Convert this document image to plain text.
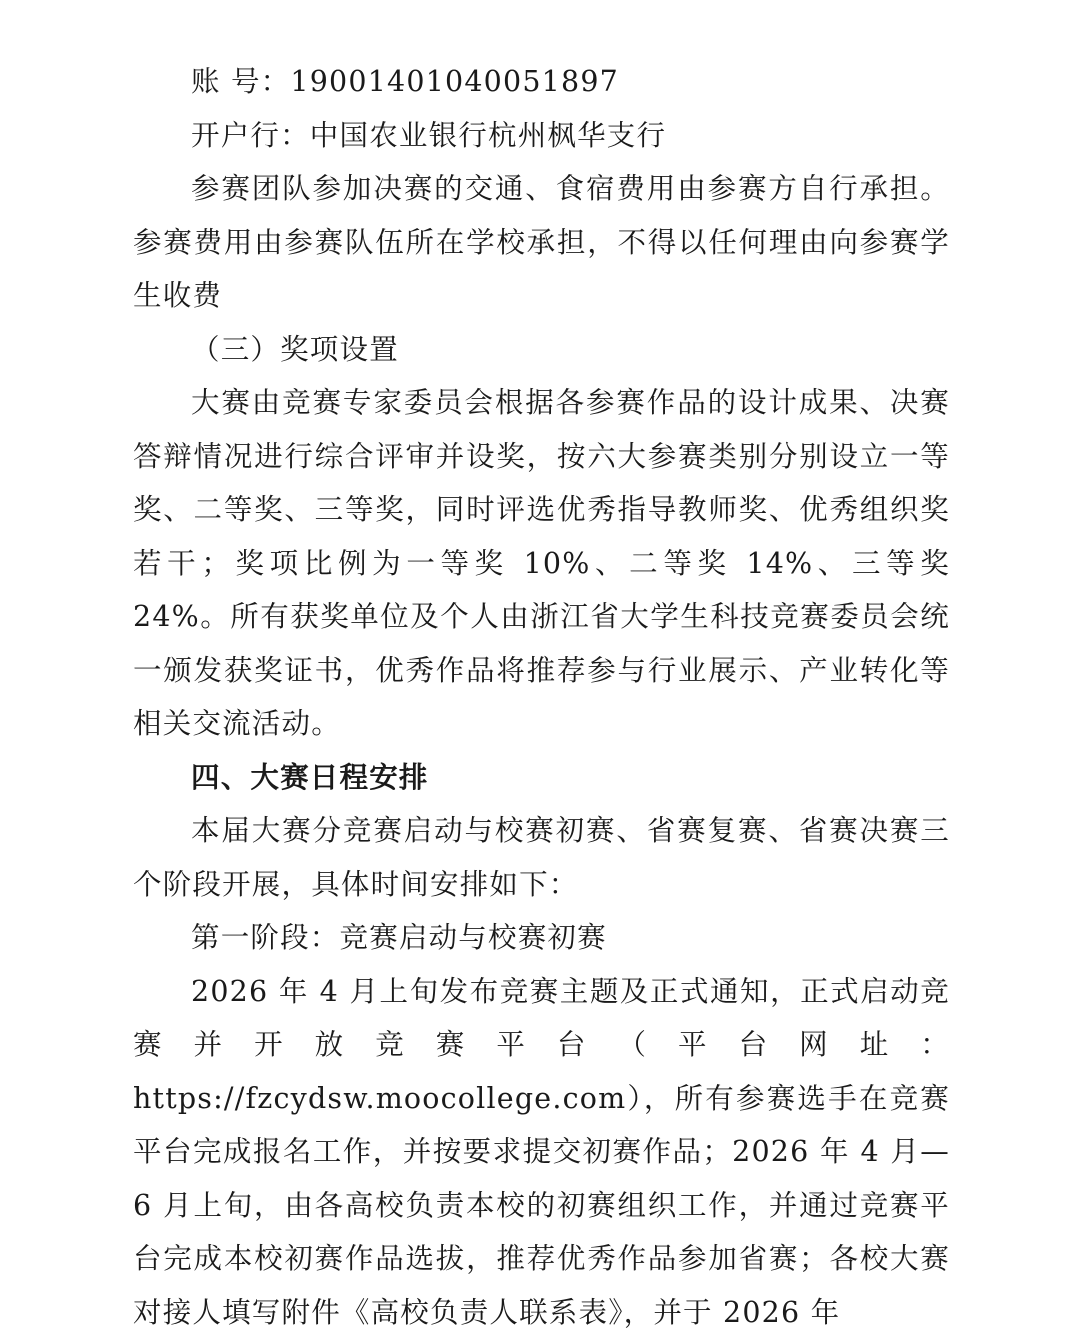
账 号：19001401040051897

开户行：中国农业银行杭州枫华支行

参赛团队参加决赛的交通、食宿费用由参赛方自行承担。参赛费用由参赛队伍所在学校承担，不得以任何理由向参赛学生收费

（三）奖项设置

大赛由竞赛专家委员会根据各参赛作品的设计成果、决赛答辩情况进行综合评审并设奖，按六大参赛类别分别设立一等奖、二等奖、三等奖，同时评选优秀指导教师奖、优秀组织奖若干；奖项比例为一等奖 10%、二等奖 14%、三等奖 24%。所有获奖单位及个人由浙江省大学生科技竞赛委员会统一颁发获奖证书，优秀作品将推荐参与行业展示、产业转化等相关交流活动。

四、大赛日程安排

本届大赛分竞赛启动与校赛初赛、省赛复赛、省赛决赛三个阶段开展，具体时间安排如下：

第一阶段：竞赛启动与校赛初赛

2026 年 4 月上旬发布竞赛主题及正式通知，正式启动竞赛并开放竞赛平台（平台网址：https://fzcydsw.moocollege.com），所有参赛选手在竞赛平台完成报名工作，并按要求提交初赛作品；2026 年 4 月—6 月上旬，由各高校负责本校的初赛组织工作，并通过竞赛平台完成本校初赛作品选拔，推荐优秀作品参加省赛；各校大赛对接人填写附件《高校负责人联系表》，并于 2026 年
